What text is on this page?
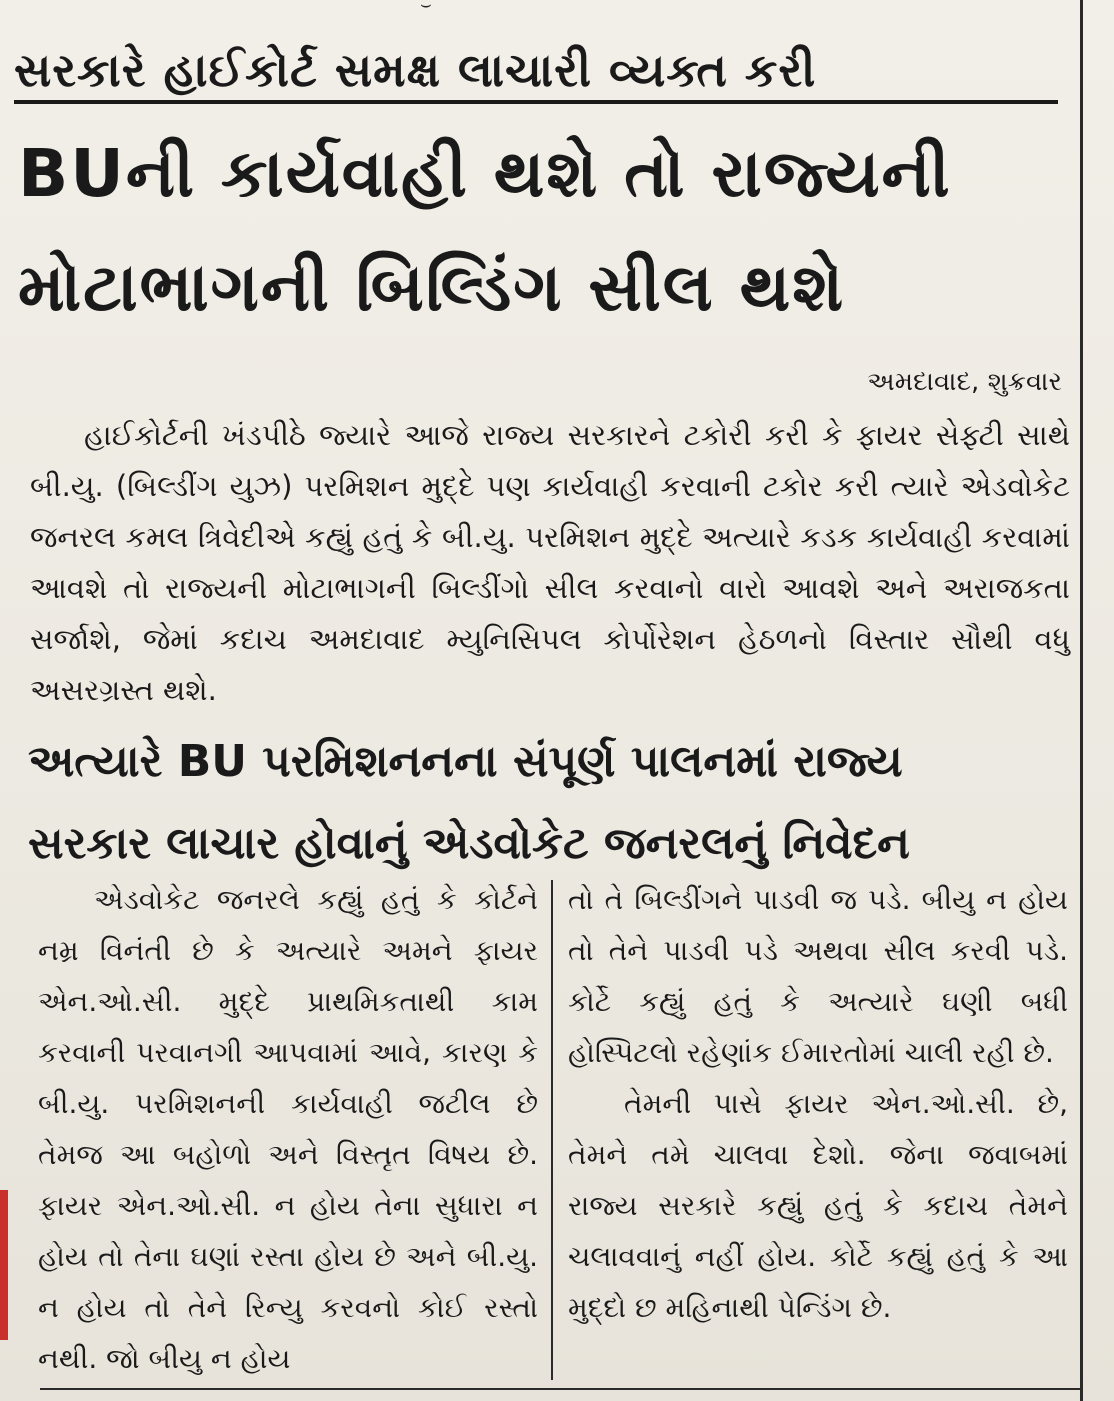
⌣
સરકારે હાઈકોર્ટ સમક્ષ લાચારી વ્યક્ત કરી
BUની કાર્યવાહી થશે તો રાજ્યની
મોટાભાગની બિલ્ડિંગ સીલ થશે
અમદાવાદ, શુક્રવાર

હાઈકોર્ટની ખંડપીઠે જ્યારે આજે રાજ્ય સરકારને ટકોરી કરી કે ફાયર સેફ્ટી સાથે બી.યુ. (બિલ્ડીંગ યુઝ) પરમિશન મુદ્દે પણ કાર્યવાહી કરવાની ટકોર કરી ત્યારે એડવોકેટ જનરલ કમલ ત્રિવેદીએ કહ્યું હતું કે બી.યુ. પરમિશન મુદ્દે અત્યારે કડક કાર્યવાહી કરવામાં આવશે તો રાજ્યની મોટાભાગની બિલ્ડીંગો સીલ કરવાનો વારો આવશે અને અરાજકતા સર્જાશે, જેમાં કદાચ અમદાવાદ મ્યુનિસિપલ કોર્પોરેશન હેઠળનો વિસ્તાર સૌથી વધુ અસરગ્રસ્ત થશે.

અત્યારે BU પરમિશનનના સંપૂર્ણ પાલનમાં રાજ્ય
સરકાર લાચાર હોવાનું એડવોકેટ જનરલનું નિવેદન

એડવોકેટ જનરલે કહ્યું હતું કે કોર્ટને નમ્ર વિનંતી છે કે અત્યારે અમને ફાયર એન.ઓ.સી. મુદ્દે પ્રાથમિકતાથી કામ કરવાની પરવાનગી આપવામાં આવે, કારણ કે બી.યુ. પરમિશનની કાર્યવાહી જટીલ છે તેમજ આ બહોળો અને વિસ્તૃત વિષય છે. ફાયર એન.ઓ.સી. ન હોય તેના સુધારા ન હોય તો તેના ઘણાં રસ્તા હોય છે અને બી.યુ. ન હોય તો તેને રિન્યુ કરવનો કોઈ રસ્તો નથી. જો બીયુ ન હોય

તો તે બિલ્ડીંગને પાડવી જ પડે. બીયુ ન હોય તો તેને પાડવી પડે અથવા સીલ કરવી પડે. કોર્ટે કહ્યું હતું કે અત્યારે ઘણી બધી હોસ્પિટલો રહેણાંક ઈમારતોમાં ચાલી રહી છે.

તેમની પાસે ફાયર એન.ઓ.સી. છે, તેમને તમે ચાલવા દેશો. જેના જવાબમાં રાજ્ય સરકારે કહ્યું હતું કે કદાચ તેમને ચલાવવાનું નહીં હોય. કોર્ટે કહ્યું હતું કે આ મુદ્દો છ મહિનાથી પેન્ડિંગ છે.
